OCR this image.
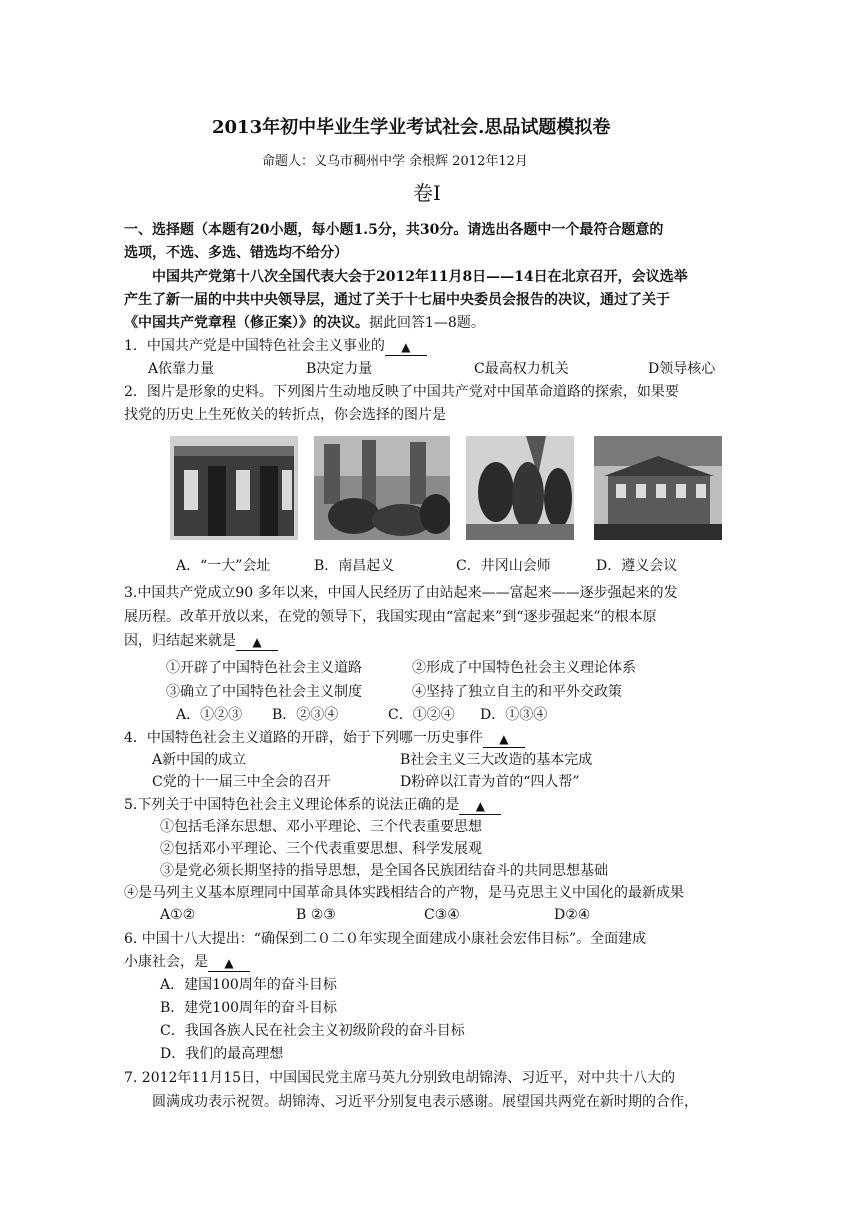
2013年初中毕业生学业考试社会.思品试题模拟卷
命题人：义乌市稠州中学 余根辉 2012年12月
卷Ⅰ
一、选择题（本题有20小题，每小题1.5分，共30分。请选出各题中一个最符合题意的
选项，不选、多选、错选均不给分）
中国共产党第十八次全国代表大会于2012年11月8日——14日在北京召开，会议选举
产生了新一届的中共中央领导层，通过了关于十七届中央委员会报告的决议，通过了关于
《中国共产党章程（修正案）》的决议。据此回答1—8题。
1．中国共产党是中国特色社会主义事业的 ▲
A依靠力量	B决定力量	C最高权力机关	D领导核心
2．图片是形象的史料。下列图片生动地反映了中国共产党对中国革命道路的探索，如果要
找党的历史上生死攸关的转折点，你会选择的图片是
A．“一大”会址	B．南昌起义	C．井冈山会师	D．遵义会议
3.中国共产党成立90 多年以来，中国人民经历了由站起来——富起来——逐步强起来的发
展历程。改革开放以来，在党的领导下，我国实现由“富起来”到“逐步强起来”的根本原
因，归结起来就是 ▲
①开辟了中国特色社会主义道路	②形成了中国特色社会主义理论体系
③确立了中国特色社会主义制度	④坚持了独立自主的和平外交政策
A．①②③ B．②③④	C．①②④ D．①③④
4．中国特色社会主义道路的开辟，始于下列哪一历史事件 ▲
A新中国的成立	B社会主义三大改造的基本完成
C党的十一届三中全会的召开	D粉碎以江青为首的“四人帮”
5.下列关于中国特色社会主义理论体系的说法正确的是 ▲
①包括毛泽东思想、邓小平理论、三个代表重要思想
②包括邓小平理论、三个代表重要思想、科学发展观
③是党必须长期坚持的指导思想，是全国各民族团结奋斗的共同思想基础
④是马列主义基本原理同中国革命具体实践相结合的产物，是马克思主义中国化的最新成果
A①②	B ②③	C③④	D②④
6. 中国十八大提出：“确保到二０二０年实现全面建成小康社会宏伟目标”。全面建成
小康社会，是 ▲
A．建国100周年的奋斗目标
B．建党100周年的奋斗目标
C．我国各族人民在社会主义初级阶段的奋斗目标
D．我们的最高理想
7. 2012年11月15日，中国国民党主席马英九分别致电胡锦涛、习近平，对中共十八大的
圆满成功表示祝贺。胡锦涛、习近平分别复电表示感谢。展望国共两党在新时期的合作，
